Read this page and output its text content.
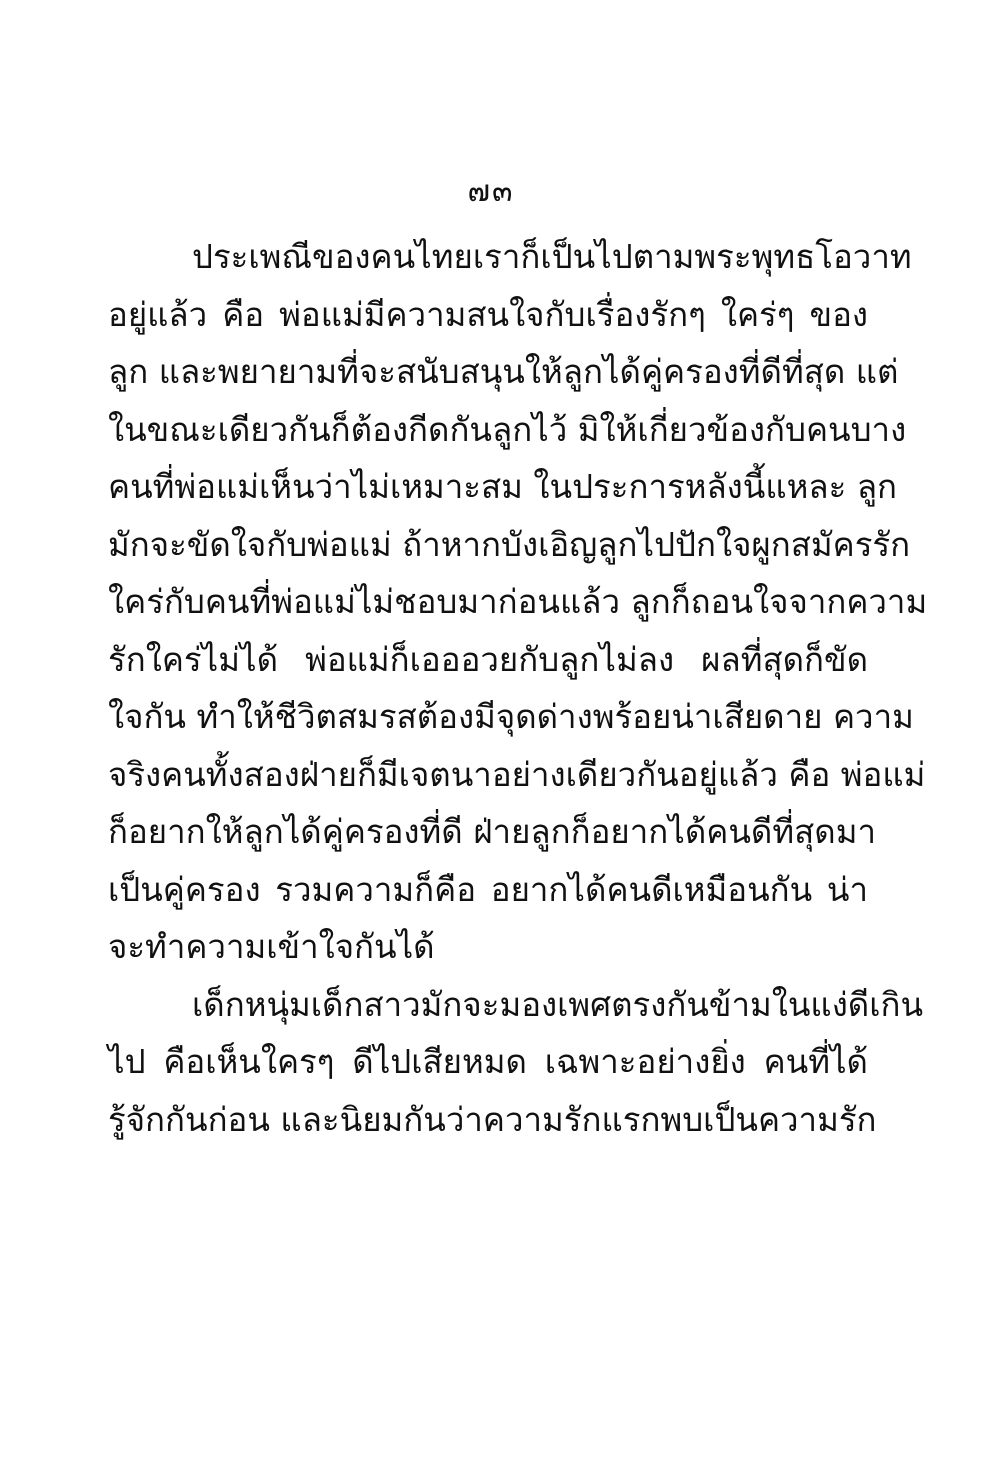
๗๓
ประเพณีของคนไทยเราก็เป็นไปตามพระพุทธโอวาท
อยู่แล้ว คือ พ่อแม่มีความสนใจกับเรื่องรักๆ ใคร่ๆ ของ
ลูก และพยายามที่จะสนับสนุนให้ลูกได้คู่ครองที่ดีที่สุด แต่
ในขณะเดียวกันก็ต้องกีดกันลูกไว้ มิให้เกี่ยวข้องกับคนบาง
คนที่พ่อแม่เห็นว่าไม่เหมาะสม ในประการหลังนี้แหละ ลูก
มักจะขัดใจกับพ่อแม่ ถ้าหากบังเอิญลูกไปปักใจผูกสมัครรัก
ใคร่กับคนที่พ่อแม่ไม่ชอบมาก่อนแล้ว ลูกก็ถอนใจจากความ
รักใคร่ไม่ได้ พ่อแม่ก็เอออวยกับลูกไม่ลง ผลที่สุดก็ขัด
ใจกัน ทำให้ชีวิตสมรสต้องมีจุดด่างพร้อยน่าเสียดาย ความ
จริงคนทั้งสองฝ่ายก็มีเจตนาอย่างเดียวกันอยู่แล้ว คือ พ่อแม่
ก็อยากให้ลูกได้คู่ครองที่ดี ฝ่ายลูกก็อยากได้คนดีที่สุดมา
เป็นคู่ครอง รวมความก็คือ อยากได้คนดีเหมือนกัน น่า
จะทำความเข้าใจกันได้
เด็กหนุ่มเด็กสาวมักจะมองเพศตรงกันข้ามในแง่ดีเกิน
ไป คือเห็นใครๆ ดีไปเสียหมด เฉพาะอย่างยิ่ง คนที่ได้
รู้จักกันก่อน และนิยมกันว่าความรักแรกพบเป็นความรัก
